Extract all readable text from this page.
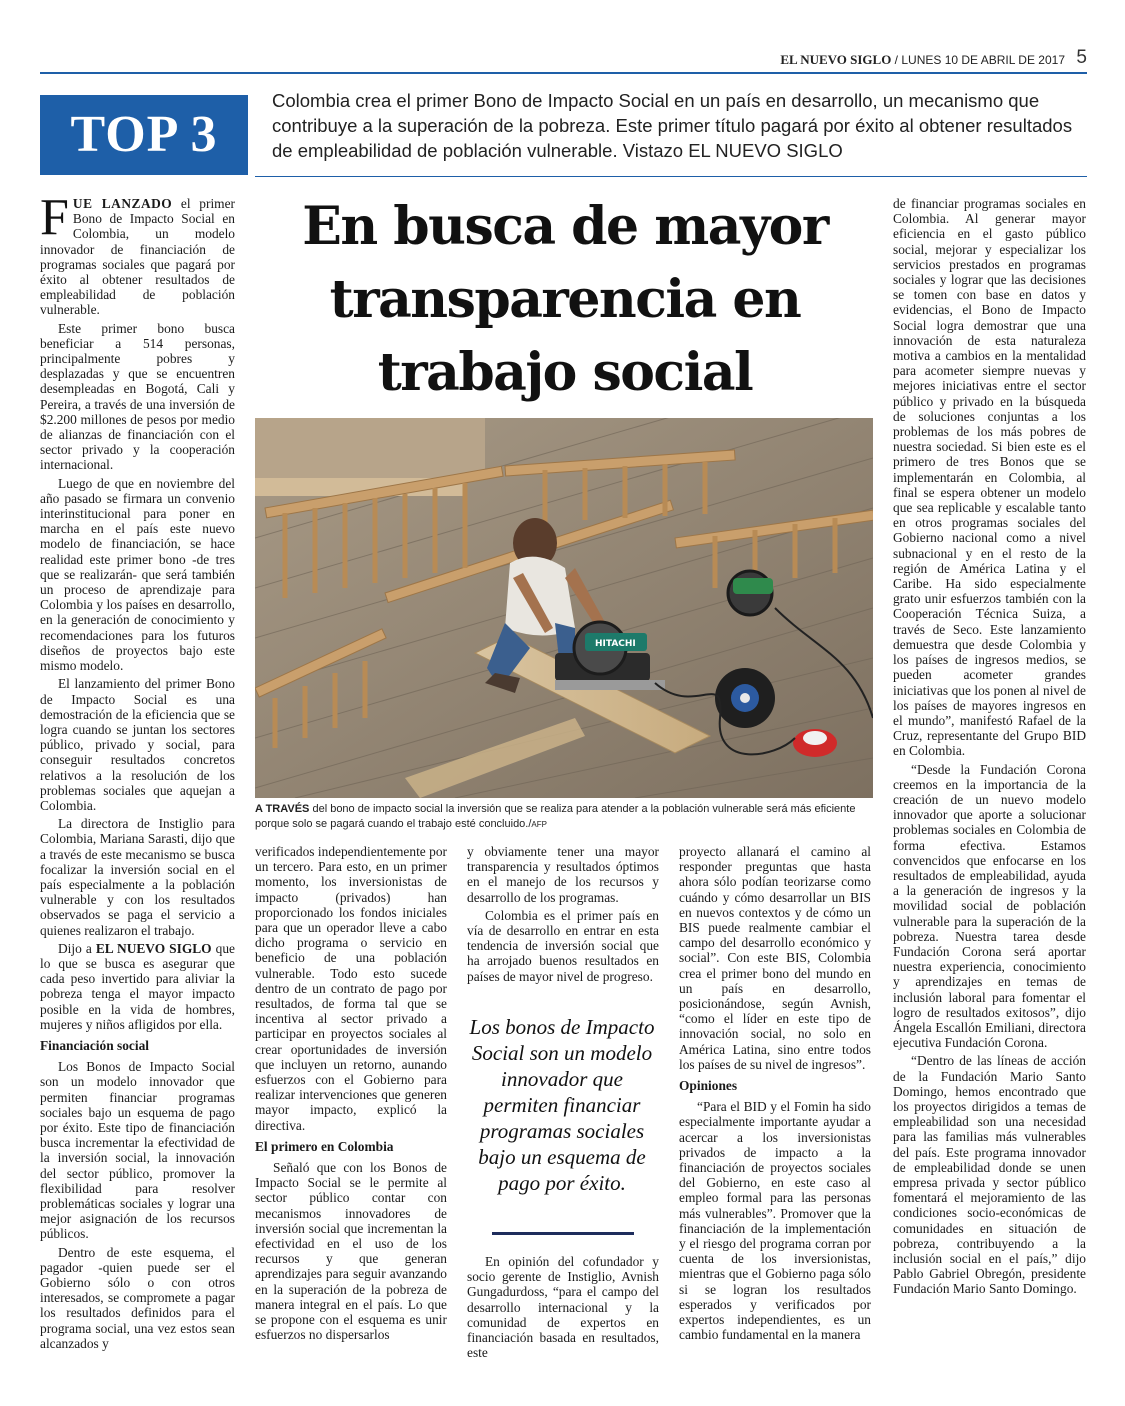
EL NUEVO SIGLO / LUNES 10 DE ABRIL DE 2017 5
TOP 3
Colombia crea el primer Bono de Impacto Social en un país en desarrollo, un mecanismo que contribuye a la superación de la pobreza. Este primer título pagará por éxito al obtener resultados de empleabilidad de población vulnerable. Vistazo EL NUEVO SIGLO

FUE LANZADO el primer Bono de Impacto Social en Colombia, un modelo innovador de financiación de programas sociales que pagará por éxito al obtener resultados de empleabilidad de población vulnerable.

Este primer bono busca beneficiar a 514 personas, principalmente pobres y desplazadas y que se encuentren desempleadas en Bogotá, Cali y Pereira, a través de una inversión de $2.200 millones de pesos por medio de alianzas de financiación con el sector privado y la cooperación internacional.

Luego de que en noviembre del año pasado se firmara un convenio interinstitucional para poner en marcha en el país este nuevo modelo de financiación, se hace realidad este primer bono -de tres que se realizarán- que será también un proceso de aprendizaje para Colombia y los países en desarrollo, en la generación de conocimiento y recomendaciones para los futuros diseños de proyectos bajo este mismo modelo.

El lanzamiento del primer Bono de Impacto Social es una demostración de la eficiencia que se logra cuando se juntan los sectores público, privado y social, para conseguir resultados concretos relativos a la resolución de los problemas sociales que aquejan a Colombia.

La directora de Instiglio para Colombia, Mariana Sarasti, dijo que a través de este mecanismo se busca focalizar la inversión social en el país especialmente a la población vulnerable y con los resultados observados se paga el servicio a quienes realizaron el trabajo.

Dijo a EL NUEVO SIGLO que lo que se busca es asegurar que cada peso invertido para aliviar la pobreza tenga el mayor impacto posible en la vida de hombres, mujeres y niños afligidos por ella.

Financiación social

Los Bonos de Impacto Social son un modelo innovador que permiten financiar programas sociales bajo un esquema de pago por éxito. Este tipo de financiación busca incrementar la efectividad de la inversión social, la innovación del sector público, promover la flexibilidad para resolver problemáticas sociales y lograr una mejor asignación de los recursos públicos.

Dentro de este esquema, el pagador -quien puede ser el Gobierno sólo o con otros interesados, se compromete a pagar los resultados definidos para el programa social, una vez estos sean alcanzados y

En busca de mayor transparencia en trabajo social
HITACHI
A TRAVÉS del bono de impacto social la inversión que se realiza para atender a la población vulnerable será más eficiente porque solo se pagará cuando el trabajo esté concluido./AFP

verificados independientemente por un tercero. Para esto, en un primer momento, los inversionistas de impacto (privados) han proporcionado los fondos iniciales para que un operador lleve a cabo dicho programa o servicio en beneficio de una población vulnerable. Todo esto sucede dentro de un contrato de pago por resultados, de forma tal que se incentiva al sector privado a participar en proyectos sociales al crear oportunidades de inversión que incluyen un retorno, aunando esfuerzos con el Gobierno para realizar intervenciones que generen mayor impacto, explicó la directiva.

El primero en Colombia

Señaló que con los Bonos de Impacto Social se le permite al sector público contar con mecanismos innovadores de inversión social que incrementan la efectividad en el uso de los recursos y que generan aprendizajes para seguir avanzando en la superación de la pobreza de manera integral en el país. Lo que se propone con el esquema es unir esfuerzos no dispersarlos

y obviamente tener una mayor transparencia y resultados óptimos en el manejo de los recursos y desarrollo de los programas.

Colombia es el primer país en vía de desarrollo en entrar en esta tendencia de inversión social que ha arrojado buenos resultados en países de mayor nivel de progreso.

Los bonos de Impacto Social son un modelo innovador que permiten financiar programas sociales bajo un esquema de pago por éxito.

En opinión del cofundador y socio gerente de Instiglio, Avnish Gungadurdoss, “para el campo del desarrollo internacional y la comunidad de expertos en financiación basada en resultados, este

proyecto allanará el camino al responder preguntas que hasta ahora sólo podían teorizarse como cuándo y cómo desarrollar un BIS en nuevos contextos y de cómo un BIS puede realmente cambiar el campo del desarrollo económico y social”. Con este BIS, Colombia crea el primer bono del mundo en un país en desarrollo, posicionándose, según Avnish, “como el líder en este tipo de innovación social, no solo en América Latina, sino entre todos los países de su nivel de ingresos”.

Opiniones

“Para el BID y el Fomin ha sido especialmente importante ayudar a acercar a los inversionistas privados de impacto a la financiación de proyectos sociales del Gobierno, en este caso al empleo formal para las personas más vulnerables”. Promover que la financiación de la implementación y el riesgo del programa corran por cuenta de los inversionistas, mientras que el Gobierno paga sólo si se logran los resultados esperados y verificados por expertos independientes, es un cambio fundamental en la manera

de financiar programas sociales en Colombia. Al generar mayor eficiencia en el gasto público social, mejorar y especializar los servicios prestados en programas sociales y lograr que las decisiones se tomen con base en datos y evidencias, el Bono de Impacto Social logra demostrar que una innovación de esta naturaleza motiva a cambios en la mentalidad para acometer siempre nuevas y mejores iniciativas entre el sector público y privado en la búsqueda de soluciones conjuntas a los problemas de los más pobres de nuestra sociedad. Si bien este es el primero de tres Bonos que se implementarán en Colombia, al final se espera obtener un modelo que sea replicable y escalable tanto en otros programas sociales del Gobierno nacional como a nivel subnacional y en el resto de la región de América Latina y el Caribe. Ha sido especialmente grato unir esfuerzos también con la Cooperación Técnica Suiza, a través de Seco. Este lanzamiento demuestra que desde Colombia y los países de ingresos medios, se pueden acometer grandes iniciativas que los ponen al nivel de los países de mayores ingresos en el mundo”, manifestó Rafael de la Cruz, representante del Grupo BID en Colombia.

“Desde la Fundación Corona creemos en la importancia de la creación de un nuevo modelo innovador que aporte a solucionar problemas sociales en Colombia de forma efectiva. Estamos convencidos que enfocarse en los resultados de empleabilidad, ayuda a la generación de ingresos y la movilidad social de población vulnerable para la superación de la pobreza. Nuestra tarea desde Fundación Corona será aportar nuestra experiencia, conocimiento y aprendizajes en temas de inclusión laboral para fomentar el logro de resultados exitosos”, dijo Ángela Escallón Emiliani, directora ejecutiva Fundación Corona.

“Dentro de las líneas de acción de la Fundación Mario Santo Domingo, hemos encontrado que los proyectos dirigidos a temas de empleabilidad son una necesidad para las familias más vulnerables del país. Este programa innovador de empleabilidad donde se unen empresa privada y sector público fomentará el mejoramiento de las condiciones socio-económicas de comunidades en situación de pobreza, contribuyendo a la inclusión social en el país,” dijo Pablo Gabriel Obregón, presidente Fundación Mario Santo Domingo.
